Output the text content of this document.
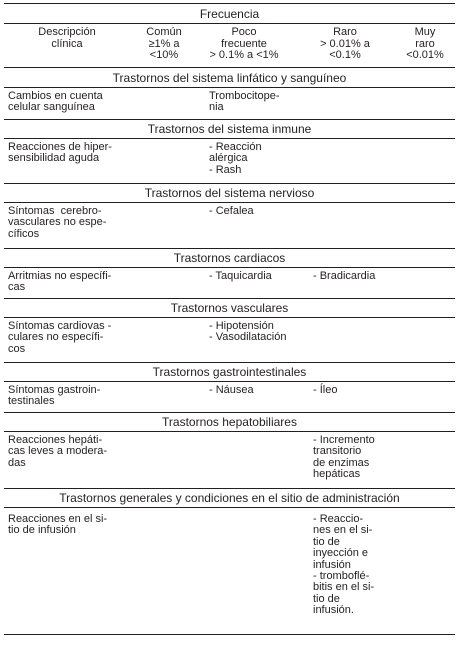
Frecuencia
Descripción
clínica
Común
≥1% a
<10%
Poco
frecuente
> 0.1% a <1%
Raro
> 0.01% a
<0.1%
Muy
raro
<0.01%
Trastornos del sistema linfático y sanguíneo
Cambios en cuenta
celular sanguínea
Trombocitope-
nia
Trastornos del sistema inmune
Reacciones de hiper-
sensibilidad aguda
- Reacción
alérgica
- Rash
Trastornos del sistema nervioso
Síntomas  cerebro-
vasculares no espe-
cíficos
- Cefalea
Trastornos cardiacos
Arritmias no específi-
cas
- Taquicardia	- Bradicardia
Trastornos vasculares
Síntomas cardiovas -
culares no específi-
cos
- Hipotensión
- Vasodilatación
Trastornos gastrointestinales
Síntomas gastroin-
testinales
- Náusea	- Íleo
Trastornos hepatobiliares
Reacciones hepáti-
cas leves a modera-
das
- Incremento
transitorio
de enzimas
hepáticas
Trastornos generales y condiciones en el sitio de administración
Reacciones en el si-
tio de infusión
- Reaccio-
nes en el si-
tio de
inyección e
infusión
- tromboflé-
bitis en el si-
tio de
infusión.
